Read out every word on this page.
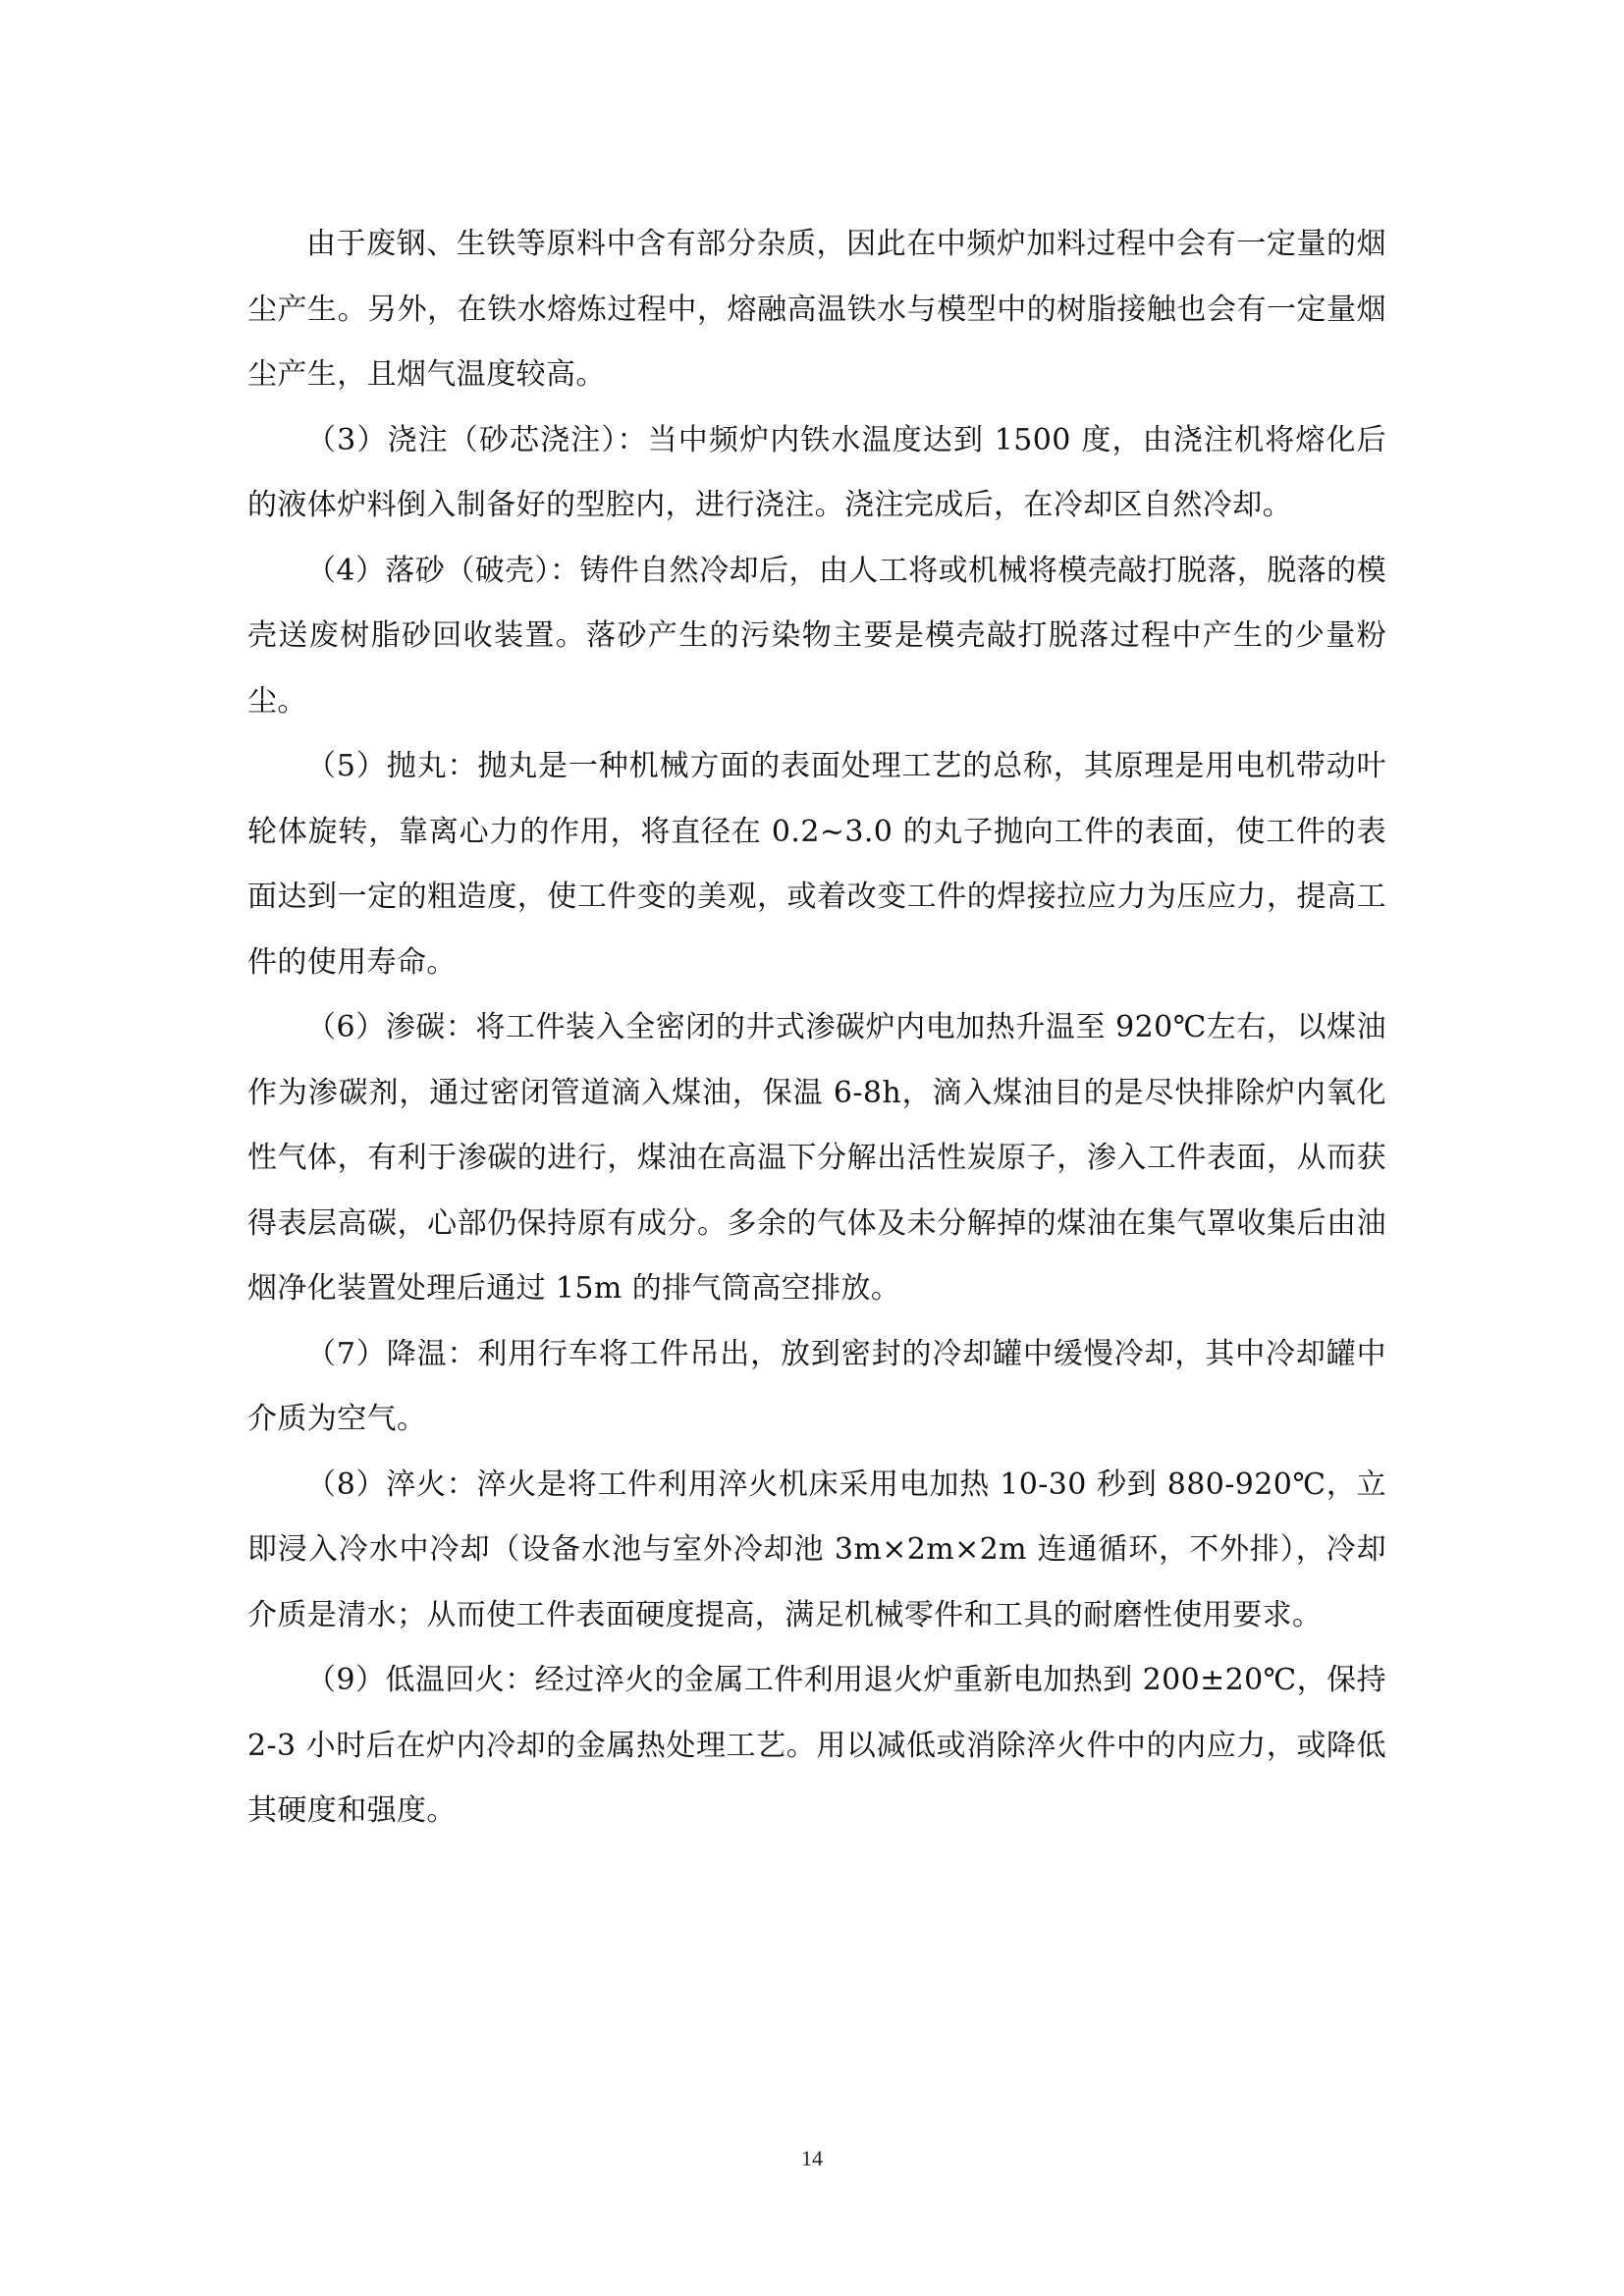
由于废钢、生铁等原料中含有部分杂质，因此在中频炉加料过程中会有一定量的烟尘产生。另外，在铁水熔炼过程中，熔融高温铁水与模型中的树脂接触也会有一定量烟尘产生，且烟气温度较高。

（3）浇注（砂芯浇注）：当中频炉内铁水温度达到 1500 度，由浇注机将熔化后的液体炉料倒入制备好的型腔内，进行浇注。浇注完成后，在冷却区自然冷却。

（4）落砂（破壳）：铸件自然冷却后，由人工将或机械将模壳敲打脱落，脱落的模壳送废树脂砂回收装置。落砂产生的污染物主要是模壳敲打脱落过程中产生的少量粉尘。

（5）抛丸：抛丸是一种机械方面的表面处理工艺的总称，其原理是用电机带动叶轮体旋转，靠离心力的作用，将直径在 0.2~3.0 的丸子抛向工件的表面，使工件的表面达到一定的粗造度，使工件变的美观，或着改变工件的焊接拉应力为压应力，提高工件的使用寿命。

（6）渗碳：将工件装入全密闭的井式渗碳炉内电加热升温至 920℃左右，以煤油作为渗碳剂，通过密闭管道滴入煤油，保温 6-8h，滴入煤油目的是尽快排除炉内氧化性气体，有利于渗碳的进行，煤油在高温下分解出活性炭原子，渗入工件表面，从而获得表层高碳，心部仍保持原有成分。多余的气体及未分解掉的煤油在集气罩收集后由油烟净化装置处理后通过 15m 的排气筒高空排放。

（7）降温：利用行车将工件吊出，放到密封的冷却罐中缓慢冷却，其中冷却罐中介质为空气。

（8）淬火：淬火是将工件利用淬火机床采用电加热 10-30 秒到 880-920℃，立即浸入冷水中冷却（设备水池与室外冷却池 3m×2m×2m 连通循环，不外排），冷却介质是清水；从而使工件表面硬度提高，满足机械零件和工具的耐磨性使用要求。

（9）低温回火：经过淬火的金属工件利用退火炉重新电加热到 200±20℃，保持 2-3 小时后在炉内冷却的金属热处理工艺。用以减低或消除淬火件中的内应力，或降低其硬度和强度。

14
